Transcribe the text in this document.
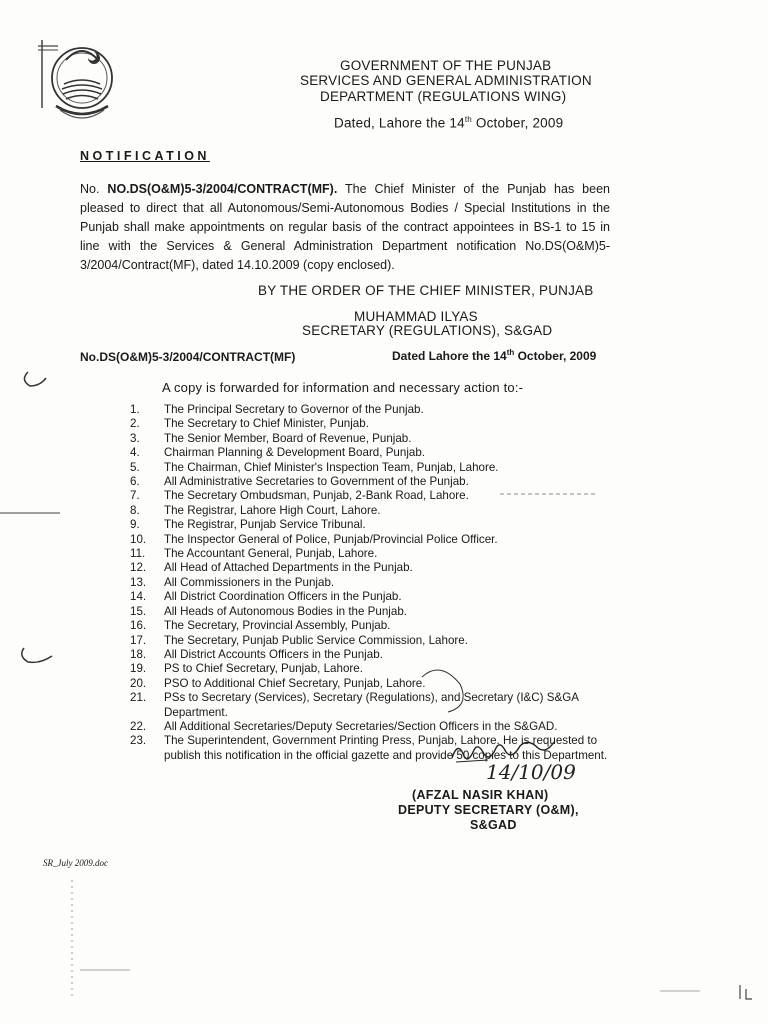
GOVERNMENT OF THE PUNJAB
SERVICES AND GENERAL ADMINISTRATION
DEPARTMENT (REGULATIONS WING)
Dated, Lahore the 14th October, 2009
NOTIFICATION
No. NO.DS(O&M)5-3/2004/CONTRACT(MF). The Chief Minister of the Punjab has been pleased to direct that all Autonomous/Semi-Autonomous Bodies / Special Institutions in the Punjab shall make appointments on regular basis of the contract appointees in BS-1 to 15 in line with the Services & General Administration Department notification No.DS(O&M)5-3/2004/Contract(MF), dated 14.10.2009 (copy enclosed).
BY THE ORDER OF THE CHIEF MINISTER, PUNJAB
MUHAMMAD ILYAS
SECRETARY (REGULATIONS), S&GAD
No.DS(O&M)5-3/2004/CONTRACT(MF)	Dated Lahore the 14th October, 2009
A copy is forwarded for information and necessary action to:-
1.	The Principal Secretary to Governor of the Punjab.
2.	The Secretary to Chief Minister, Punjab.
3.	The Senior Member, Board of Revenue, Punjab.
4.	Chairman Planning & Development Board, Punjab.
5.	The Chairman, Chief Minister's Inspection Team, Punjab, Lahore.
6.	All Administrative Secretaries to Government of the Punjab.
7.	The Secretary Ombudsman, Punjab, 2-Bank Road, Lahore.
8.	The Registrar, Lahore High Court, Lahore.
9.	The Registrar, Punjab Service Tribunal.
10.	The Inspector General of Police, Punjab/Provincial Police Officer.
11.	The Accountant General, Punjab, Lahore.
12.	All Head of Attached Departments in the Punjab.
13.	All Commissioners in the Punjab.
14.	All District Coordination Officers in the Punjab.
15.	All Heads of Autonomous Bodies in the Punjab.
16.	The Secretary, Provincial Assembly, Punjab.
17.	The Secretary, Punjab Public Service Commission, Lahore.
18.	All District Accounts Officers in the Punjab.
19.	PS to Chief Secretary, Punjab, Lahore.
20.	PSO to Additional Chief Secretary, Punjab, Lahore.
21.	PSs to Secretary (Services), Secretary (Regulations), and Secretary (I&C) S&GA Department.
22.	All Additional Secretaries/Deputy Secretaries/Section Officers in the S&GAD.
23.	The Superintendent, Government Printing Press, Punjab, Lahore. He is requested to publish this notification in the official gazette and provide 50 copies to this Department.
14/10/09
(AFZAL NASIR KHAN)
DEPUTY SECRETARY (O&M),
S&GAD
SR_July 2009.doc
